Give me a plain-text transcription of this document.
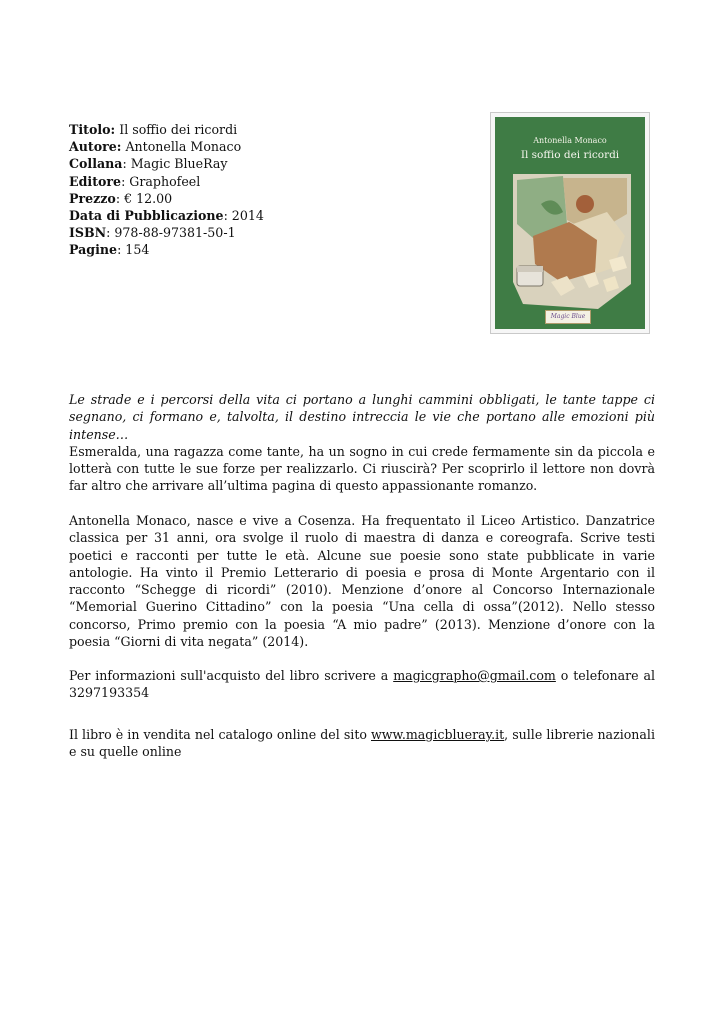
Titolo: Il soffio dei ricordi
Autore: Antonella Monaco
Collana: Magic BlueRay
Editore: Graphofeel
Prezzo: € 12.00
Data di Pubblicazione: 2014
ISBN: 978-88-97381-50-1
Pagine: 154
Antonella Monaco
Il soffio dei ricordi
Magic Blue
Le strade e i percorsi della vita ci portano a lunghi cammini obbligati, le tante tappe ci segnano, ci formano e, talvolta, il destino intreccia le vie che portano alle emozioni più intense…
Esmeralda, una ragazza come tante, ha un sogno in cui crede fermamente sin da piccola e lotterà con tutte le sue forze per realizzarlo. Ci riuscirà? Per scoprirlo il lettore non dovrà far altro che arrivare all’ultima pagina di questo appassionante romanzo.
Antonella Monaco, nasce e vive a Cosenza. Ha frequentato il Liceo Artistico. Danzatrice classica per 31 anni, ora svolge il ruolo di maestra di danza e coreografa. Scrive testi poetici e racconti per tutte le età. Alcune sue poesie sono state pubblicate in varie antologie. Ha vinto il Premio Letterario di poesia e prosa di Monte Argentario con il racconto “Schegge di ricordi” (2010). Menzione d’onore al Concorso Internazionale “Memorial Guerino Cittadino” con la poesia “Una cella di ossa”(2012). Nello stesso concorso, Primo premio con la poesia “A mio padre” (2013). Menzione d’onore con la poesia “Giorni di vita negata” (2014).
Per informazioni sull'acquisto del libro scrivere a magicgrapho@gmail.com o telefonare al 3297193354
Il libro è in vendita nel catalogo online del sito www.magicblueray.it, sulle librerie nazionali e su quelle online
